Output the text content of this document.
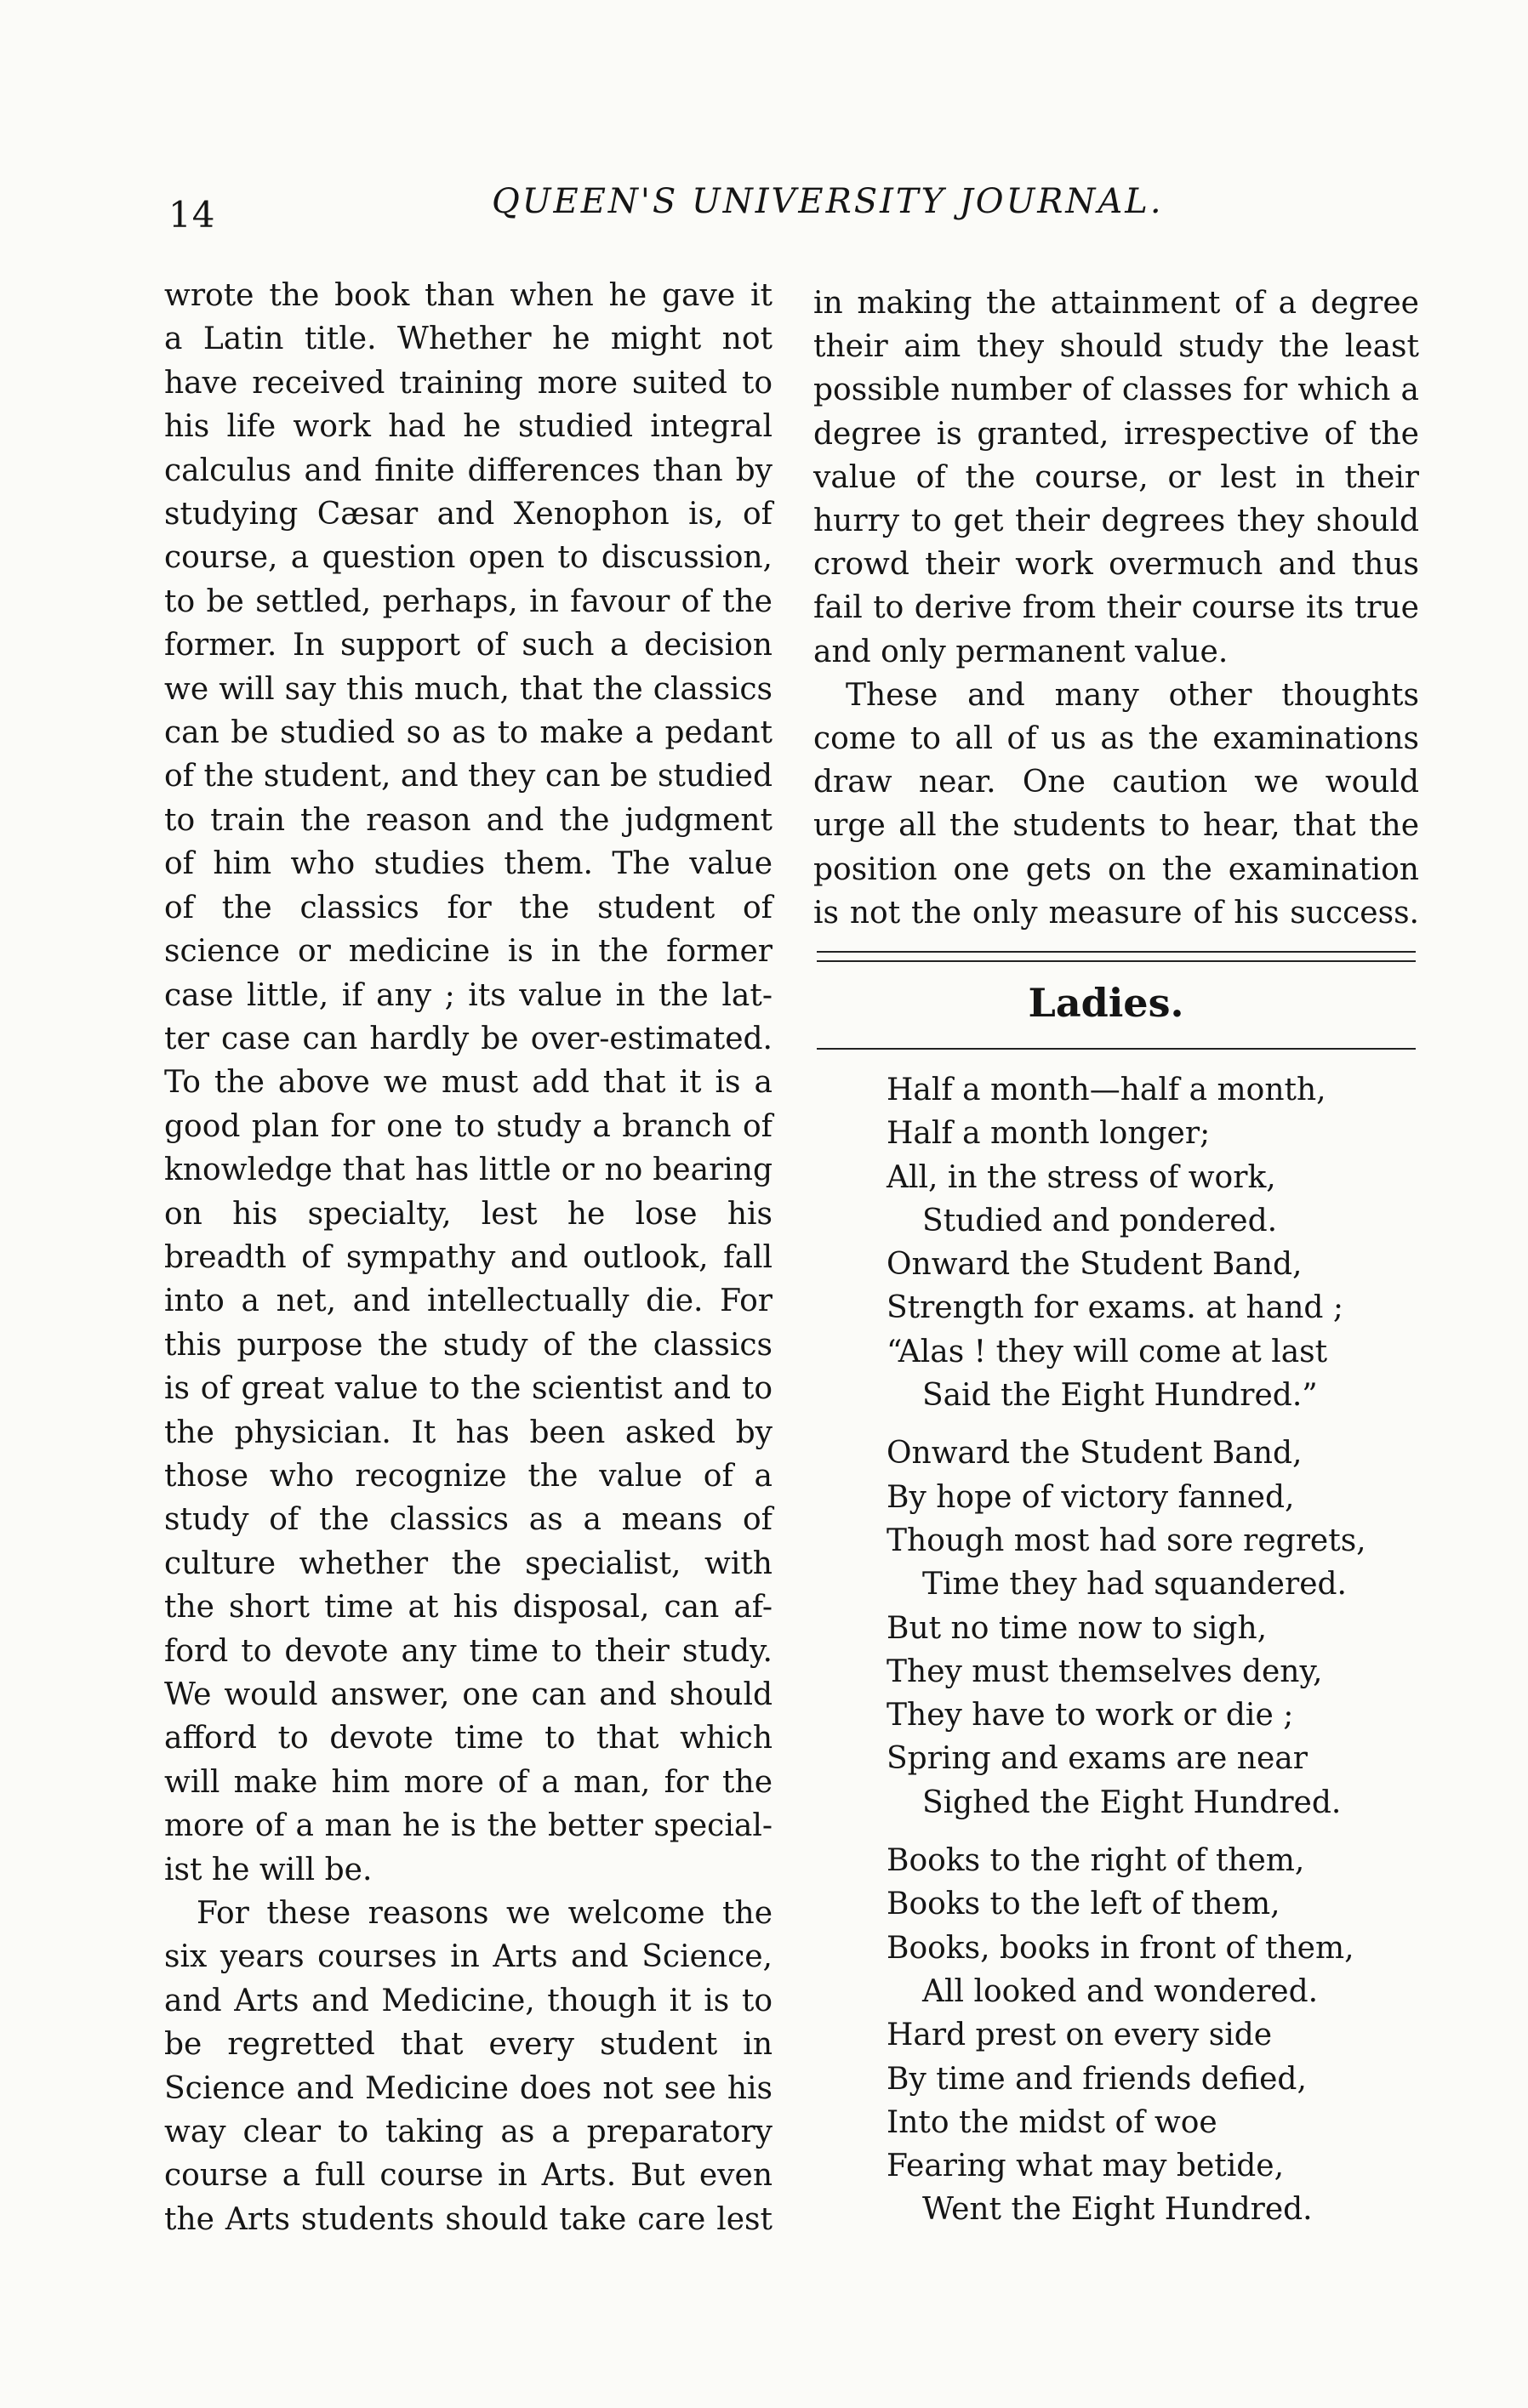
14	QUEEN'S UNIVERSITY JOURNAL.
wrote the book than when he gave it
a Latin title. Whether he might not
have received training more suited to
his life work had he studied integral
calculus and finite differences than by
studying Cæsar and Xenophon is, of
course, a question open to discussion,
to be settled, perhaps, in favour of the
former. In support of such a decision
we will say this much, that the classics
can be studied so as to make a pedant
of the student, and they can be studied
to train the reason and the judgment
of him who studies them. The value
of the classics for the student of
science or medicine is in the former
case little, if any ; its value in the lat-
ter case can hardly be over-estimated.
To the above we must add that it is a
good plan for one to study a branch of
knowledge that has little or no bearing
on his specialty, lest he lose his
breadth of sympathy and outlook, fall
into a net, and intellectually die. For
this purpose the study of the classics
is of great value to the scientist and to
the physician. It has been asked by
those who recognize the value of a
study of the classics as a means of
culture whether the specialist, with
the short time at his disposal, can af-
ford to devote any time to their study.
We would answer, one can and should
afford to devote time to that which
will make him more of a man, for the
more of a man he is the better special-
ist he will be.
For these reasons we welcome the
six years courses in Arts and Science,
and Arts and Medicine, though it is to
be regretted that every student in
Science and Medicine does not see his
way clear to taking as a preparatory
course a full course in Arts. But even
the Arts students should take care lest
in making the attainment of a degree
their aim they should study the least
possible number of classes for which a
degree is granted, irrespective of the
value of the course, or lest in their
hurry to get their degrees they should
crowd their work overmuch and thus
fail to derive from their course its true
and only permanent value.
These and many other thoughts
come to all of us as the examinations
draw near. One caution we would
urge all the students to hear, that the
position one gets on the examination
is not the only measure of his success.
Ladies.
Half a month—half a month,
Half a month longer;
All, in the stress of work,
Studied and pondered.
Onward the Student Band,
Strength for exams. at hand ;
“Alas ! they will come at last
Said the Eight Hundred.”
Onward the Student Band,
By hope of victory fanned,
Though most had sore regrets,
Time they had squandered.
But no time now to sigh,
They must themselves deny,
They have to work or die ;
Spring and exams are near
Sighed the Eight Hundred.
Books to the right of them,
Books to the left of them,
Books, books in front of them,
All looked and wondered.
Hard prest on every side
By time and friends defied,
Into the midst of woe
Fearing what may betide,
Went the Eight Hundred.
